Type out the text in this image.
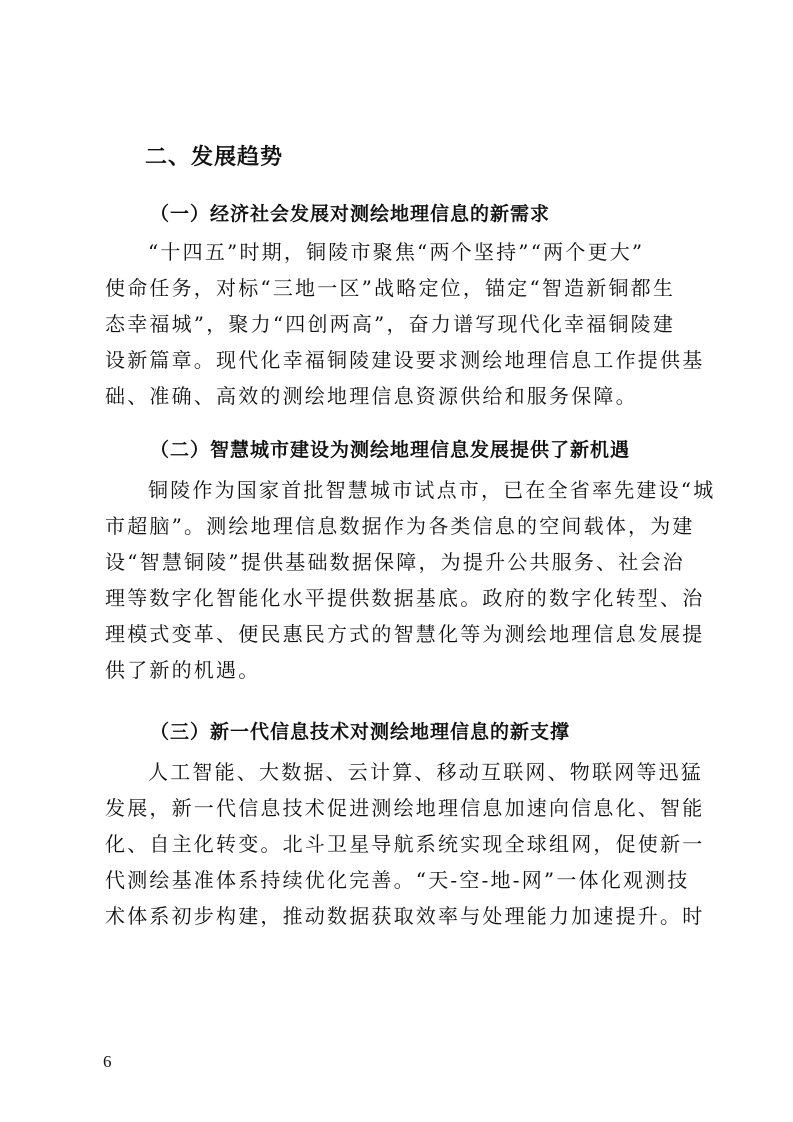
二、发展趋势
（一）经济社会发展对测绘地理信息的新需求
“十四五”时期，铜陵市聚焦“两个坚持”“两个更大”
使命任务，对标“三地一区”战略定位，锚定“智造新铜都生
态幸福城”，聚力“四创两高”，奋力谱写现代化幸福铜陵建
设新篇章。现代化幸福铜陵建设要求测绘地理信息工作提供基
础、准确、高效的测绘地理信息资源供给和服务保障。
（二）智慧城市建设为测绘地理信息发展提供了新机遇
铜陵作为国家首批智慧城市试点市，已在全省率先建设“城
市超脑”。测绘地理信息数据作为各类信息的空间载体，为建
设“智慧铜陵”提供基础数据保障，为提升公共服务、社会治
理等数字化智能化水平提供数据基底。政府的数字化转型、治
理模式变革、便民惠民方式的智慧化等为测绘地理信息发展提
供了新的机遇。
（三）新一代信息技术对测绘地理信息的新支撑
人工智能、大数据、云计算、移动互联网、物联网等迅猛
发展，新一代信息技术促进测绘地理信息加速向信息化、智能
化、自主化转变。北斗卫星导航系统实现全球组网，促使新一
代测绘基准体系持续优化完善。“天-空-地-网”一体化观测技
术体系初步构建，推动数据获取效率与处理能力加速提升。时
6
